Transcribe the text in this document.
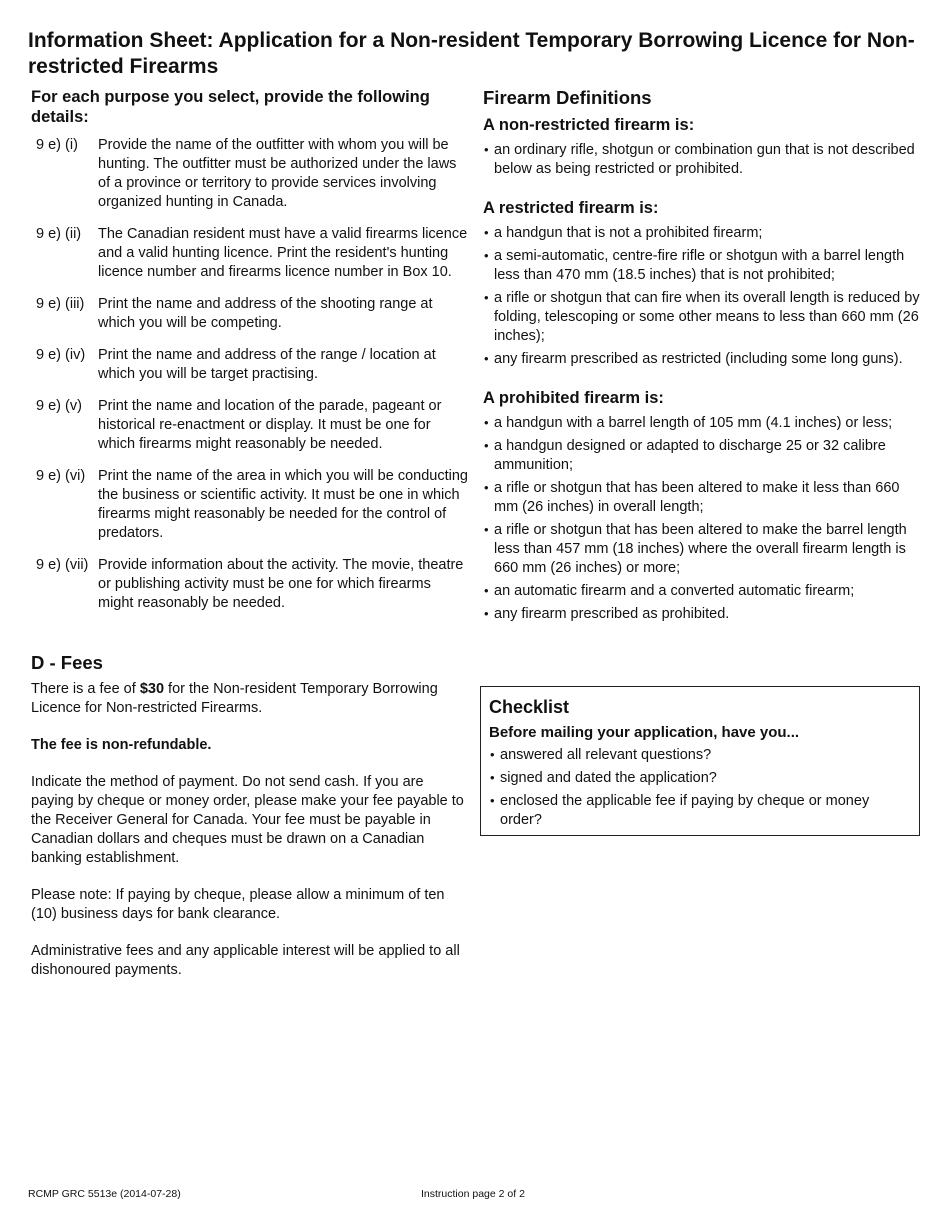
Information Sheet: Application for a Non-resident Temporary Borrowing Licence for Non-restricted Firearms

For each purpose you select, provide the following details:

9 e) (i)	Provide the name of the outfitter with whom you will be hunting. The outfitter must be authorized under the laws of a province or territory to provide services involving organized hunting in Canada.
9 e) (ii)	The Canadian resident must have a valid firearms licence and a valid hunting licence. Print the resident's hunting licence number and firearms licence number in Box 10.
9 e) (iii) Print the name and address of the shooting range at which you will be competing.
9 e) (iv) Print the name and address of the range / location at which you will be target practising.
9 e) (v)	Print the name and location of the parade, pageant or historical re-enactment or display. It must be one for which firearms might reasonably be needed.
9 e) (vi) Print the name of the area in which you will be conducting the business or scientific activity. It must be one in which firearms might reasonably be needed for the control of predators.
9 e) (vii) Provide information about the activity. The movie, theatre or publishing activity must be one for which firearms might reasonably be needed.
D - Fees

There is a fee of $30 for the Non-resident Temporary Borrowing Licence for Non-restricted Firearms.

The fee is non-refundable.

Indicate the method of payment. Do not send cash. If you are paying by cheque or money order, please make your fee payable to the Receiver General for Canada. Your fee must be payable in Canadian dollars and cheques must be drawn on a Canadian banking establishment.

Please note: If paying by cheque, please allow a minimum of ten (10) business days for bank clearance.

Administrative fees and any applicable interest will be applied to all dishonoured payments.

Firearm Definitions
A non-restricted firearm is:
• an ordinary rifle, shotgun or combination gun that is not described below as being restricted or prohibited.
A restricted firearm is:
• a handgun that is not a prohibited firearm;
• a semi-automatic, centre-fire rifle or shotgun with a barrel length less than 470 mm (18.5 inches) that is not prohibited;
• a rifle or shotgun that can fire when its overall length is reduced by folding, telescoping or some other means to less than 660 mm (26 inches);
• any firearm prescribed as restricted (including some long guns).
A prohibited firearm is:
• a handgun with a barrel length of 105 mm (4.1 inches) or less;
• a handgun designed or adapted to discharge 25 or 32 calibre ammunition;
• a rifle or shotgun that has been altered to make it less than 660 mm (26 inches) in overall length;
• a rifle or shotgun that has been altered to make the barrel length less than 457 mm (18 inches) where the overall firearm length is 660 mm (26 inches) or more;
• an automatic firearm and a converted automatic firearm;
• any firearm prescribed as prohibited.
Checklist

Before mailing your application, have you...

• answered all relevant questions?
• signed and dated the application?
• enclosed the applicable fee if paying by cheque or money order?
RCMP GRC 5513e (2014-07-28)	Instruction page 2 of 2
